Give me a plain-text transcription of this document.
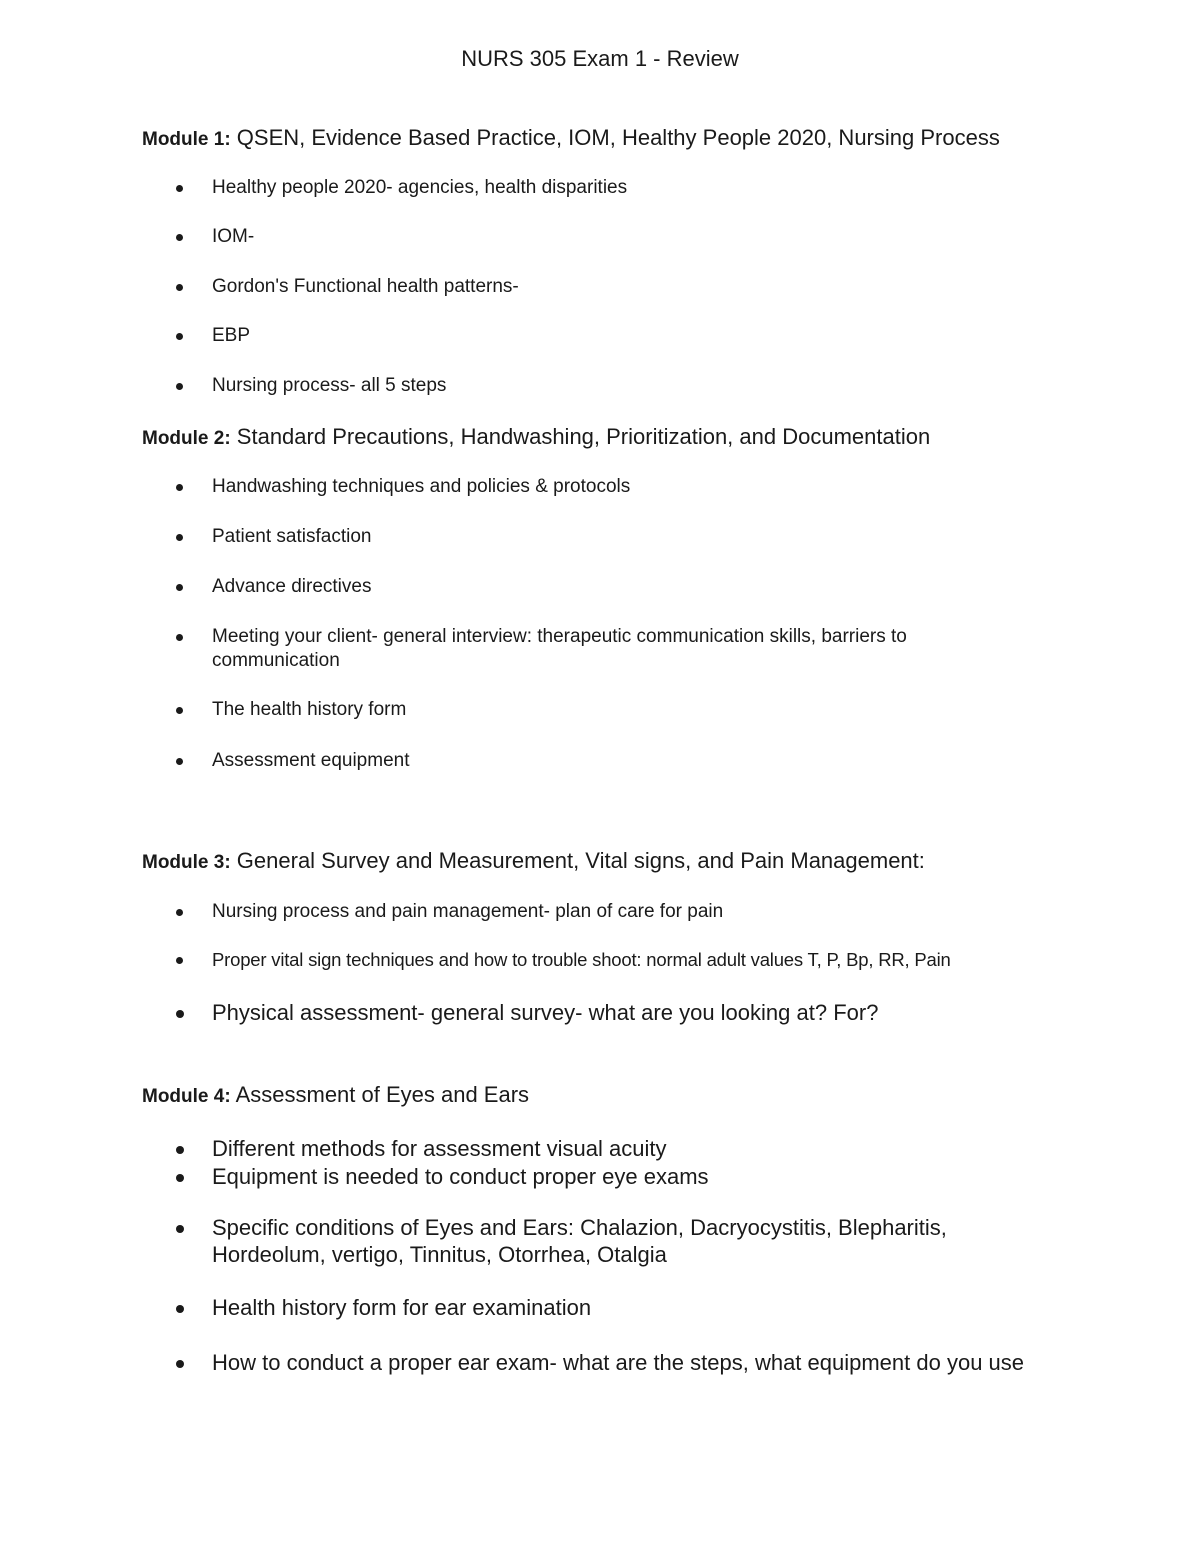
NURS 305 Exam 1 - Review
Module 1: QSEN, Evidence Based Practice, IOM, Healthy People 2020, Nursing Process
Healthy people 2020- agencies, health disparities
IOM-
Gordon's Functional health patterns-
EBP
Nursing process- all 5 steps
Module 2: Standard Precautions, Handwashing, Prioritization, and Documentation
Handwashing techniques and policies & protocols
Patient satisfaction
Advance directives
Meeting your client- general interview: therapeutic communication skills, barriers to communication
The health history form
Assessment equipment
Module 3: General Survey and Measurement, Vital signs, and Pain Management:
Nursing process and pain management- plan of care for pain
Proper vital sign techniques and how to trouble shoot: normal adult values T, P, Bp, RR, Pain
Physical assessment- general survey- what are you looking at? For?
Module 4: Assessment of Eyes and Ears
Different methods for assessment visual acuity
Equipment is needed to conduct proper eye exams
Specific conditions of Eyes and Ears: Chalazion, Dacryocystitis, Blepharitis, Hordeolum, vertigo, Tinnitus, Otorrhea, Otalgia
Health history form for ear examination
How to conduct a proper ear exam- what are the steps, what equipment do you use
